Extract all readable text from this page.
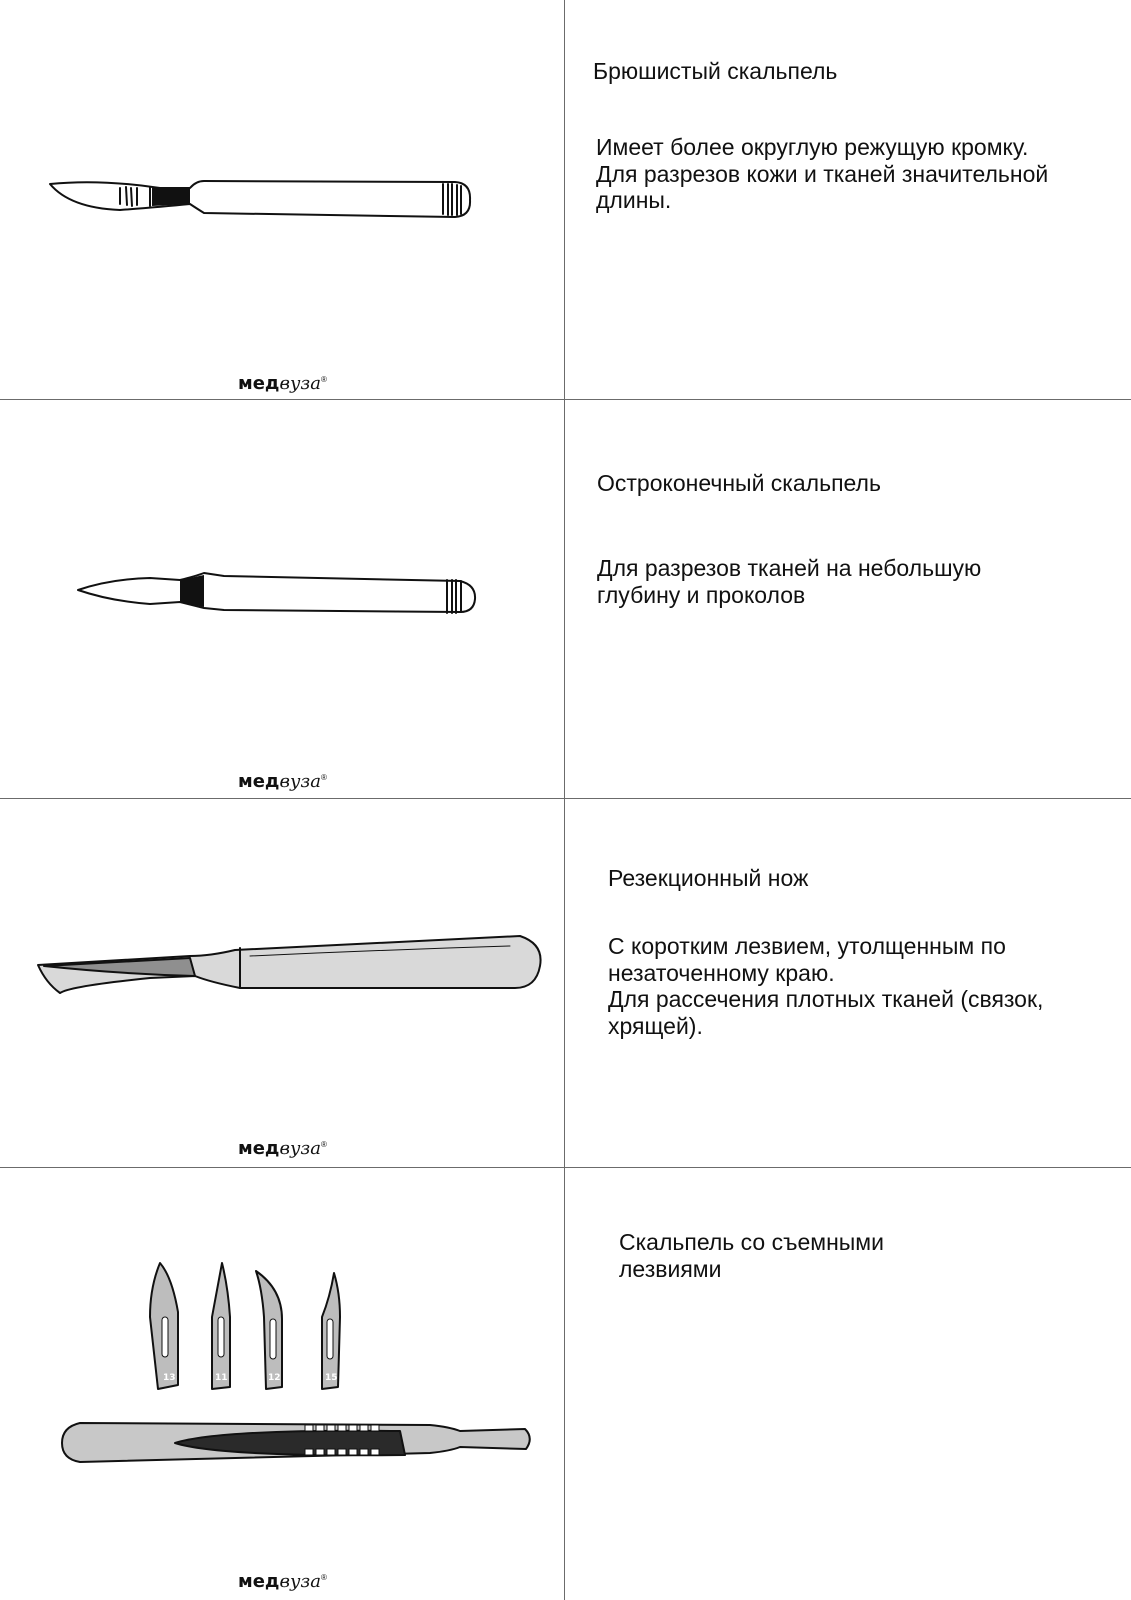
медвуза®
Брюшистый скальпель

Имеет более округлую режущую кромку.

Для разрезов кожи и тканей значительной длины.

медвуза®
Остроконечный скальпель

Для разрезов тканей на небольшую глубину и проколов

медвуза®
Резекционный нож

С коротким лезвием, утолщенным по незаточенному краю.

Для рассечения плотных тканей (связок, хрящей).

13	11	12	15
медвуза®
Скальпель со съемными лезвиями
